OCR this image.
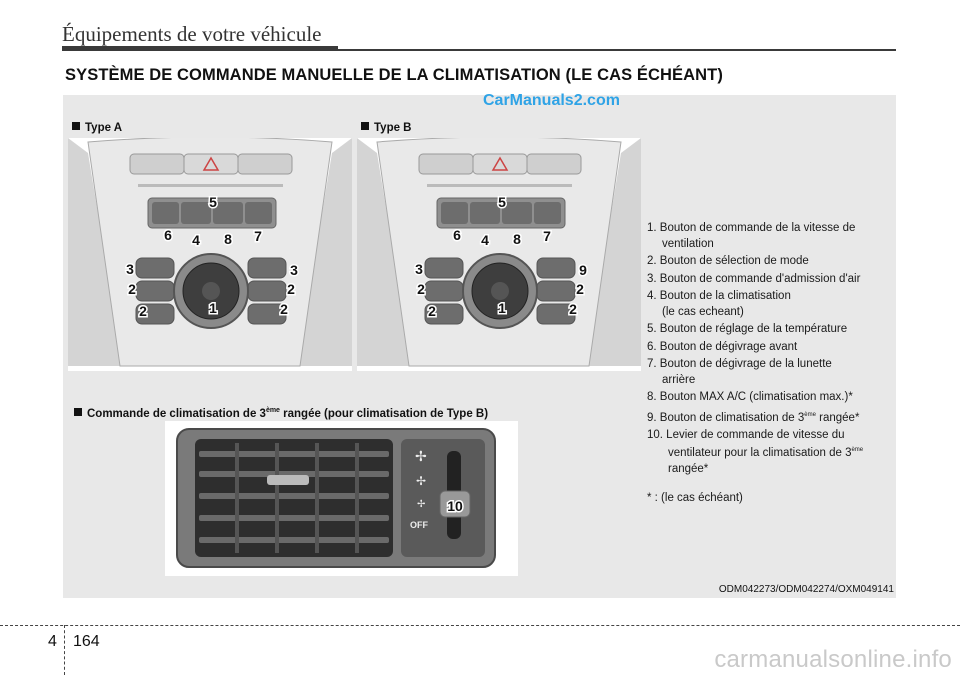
Équipements de votre véhicule
SYSTÈME DE COMMANDE MANUELLE DE LA CLIMATISATION (LE CAS ÉCHÉANT)
CarManuals2.com
Type A	Type B
5
6 4 8 7
3	3
2	2
2	2
1
5
6 4 8 7
3	9
2	2
2	2
1
Commande de climatisation de 3ème rangée (pour climatisation de Type B)
✢
✢
✢
OFF
10
1. Bouton de commande de la vitesse de
ventilation
2. Bouton de sélection de mode
3. Bouton de commande d'admission d'air
4. Bouton de la climatisation
(le cas echeant)
5. Bouton de réglage de la température
6. Bouton de dégivrage avant
7. Bouton de dégivrage de la lunette
arrière
8. Bouton MAX A/C (climatisation max.)*
9. Bouton de climatisation de 3ème rangée*
10. Levier de commande de vitesse du
ventilateur pour la climatisation de 3ème
rangée*
* : (le cas échéant)
ODM042273/ODM042274/OXM049141
4 164
carmanualsonline.info
